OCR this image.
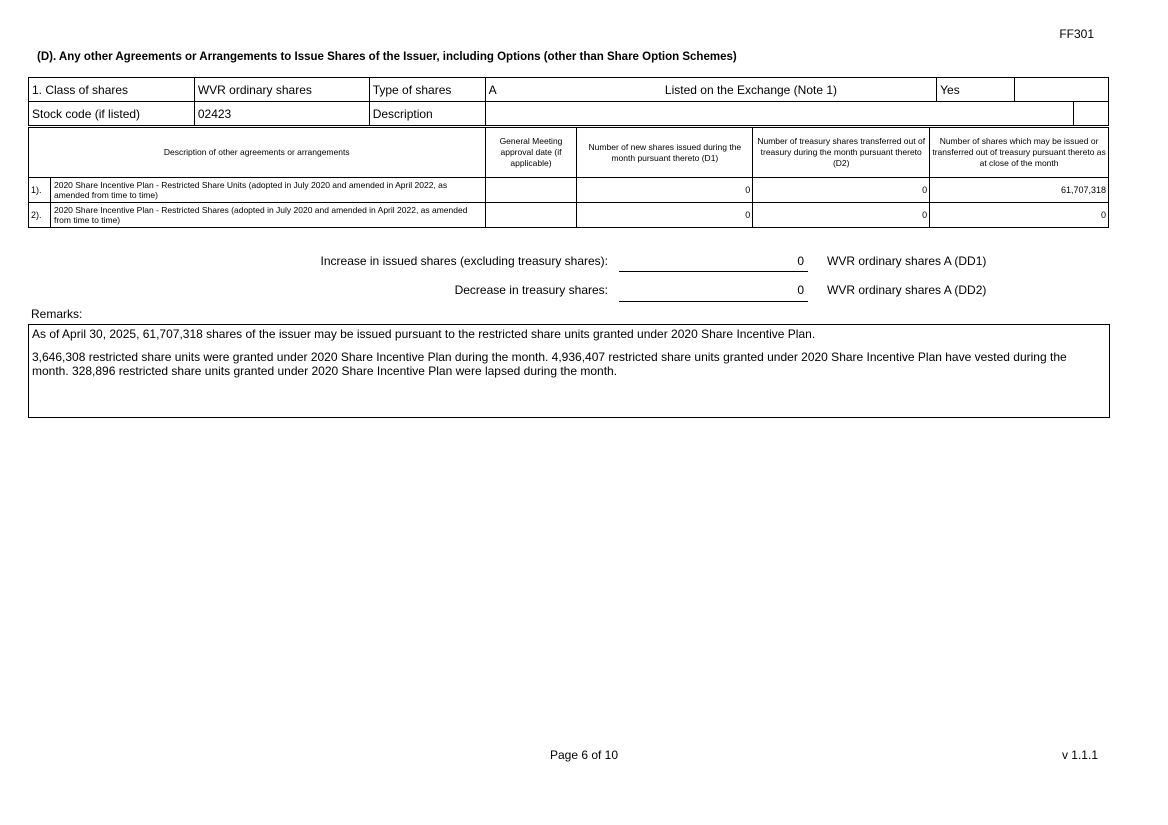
FF301
(D). Any other Agreements or Arrangements to Issue Shares of the Issuer, including Options (other than Share Option Schemes)
1. Class of shares	WVR ordinary shares	Type of shares	A	Listed on the Exchange (Note 1)	Yes		
Stock code (if listed)	02423	Description					
Description of other agreements or arrangements		General Meeting approval date (if applicable)	Number of new shares issued during the month pursuant thereto (D1)	Number of treasury shares transferred out of treasury during the month pursuant thereto (D2)	Number of shares which may be issued or transferred out of treasury pursuant thereto as at close of the month
1).	2020 Share Incentive Plan - Restricted Share Units (adopted in July 2020 and amended in April 2022, as amended from time to time)		0	0	61,707,318
2).	2020 Share Incentive Plan - Restricted Shares (adopted in July 2020 and amended in April 2022, as amended from time to time)		0	0	0
Increase in issued shares (excluding treasury shares):	0 WVR ordinary shares A (DD1)
Decrease in treasury shares:	0 WVR ordinary shares A (DD2)
Remarks:

As of April 30, 2025, 61,707,318 shares of the issuer may be issued pursuant to the restricted share units granted under 2020 Share Incentive Plan.

3,646,308 restricted share units were granted under 2020 Share Incentive Plan during the month. 4,936,407 restricted share units granted under 2020 Share Incentive Plan have vested during the month. 328,896 restricted share units granted under 2020 Share Incentive Plan were lapsed during the month.

Page 6 of 10	v 1.1.1
